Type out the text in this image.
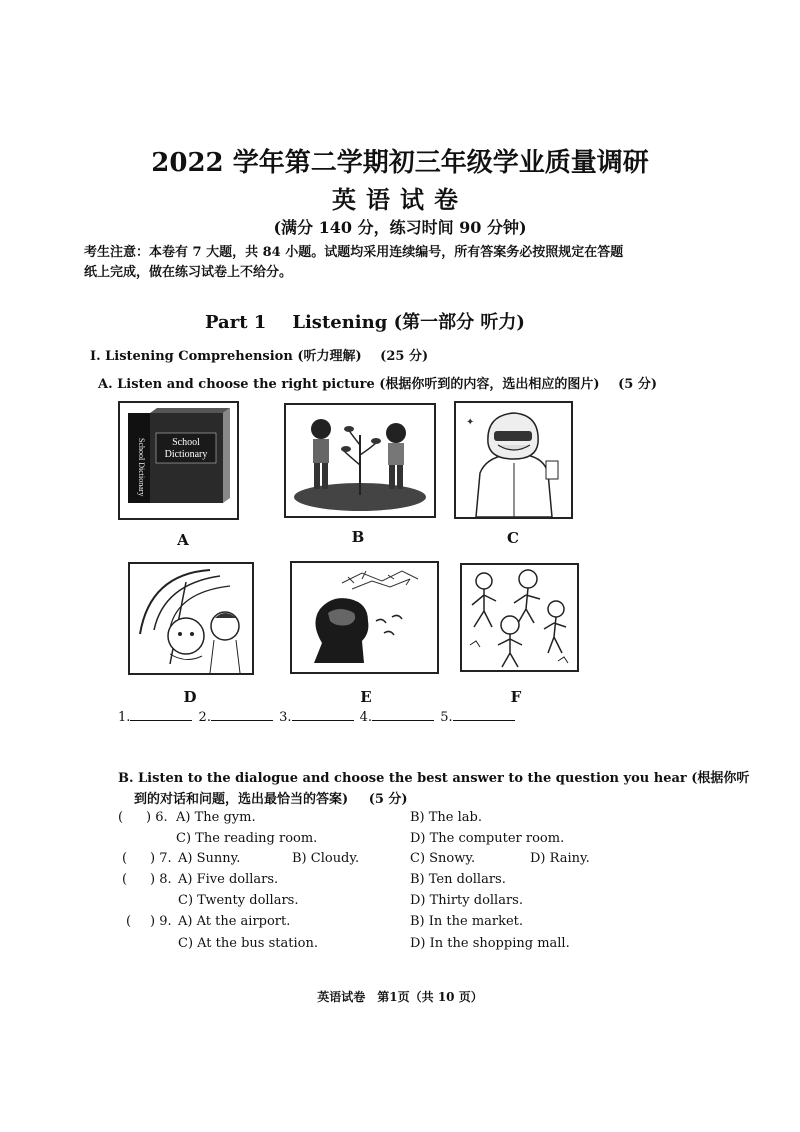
2022 学年第二学期初三年级学业质量调研
英语试卷
(满分 140 分，练习时间 90 分钟)
考生注意：本卷有 7 大题，共 84 小题。试题均采用连续编号，所有答案务必按照规定在答题纸上完成，做在练习试卷上不给分。
Part 1 Listening (第一部分 听力)
I. Listening Comprehension (听力理解) (25 分)
A. Listen and choose the right picture (根据你听到的内容，选出相应的图片) (5 分)
School
Dictionary
School Dictionary
A	B
✦
C
D	E	F
1.	2.	3.	4.	5.
B. Listen to the dialogue and choose the best answer to the question you hear (根据你听
到的对话和问题，选出最恰当的答案) (5 分)
( ) 6. A) The gym.	B) The lab.
C) The reading room.	D) The computer room.
( ) 7. A) Sunny.	B) Cloudy.	C) Snowy.	D) Rainy.
( ) 8. A) Five dollars.	B) Ten dollars.
C) Twenty dollars.	D) Thirty dollars.
( ) 9. A) At the airport.	B) In the market.
C) At the bus station.	D) In the shopping mall.
英语试卷　第1页（共 10 页）
